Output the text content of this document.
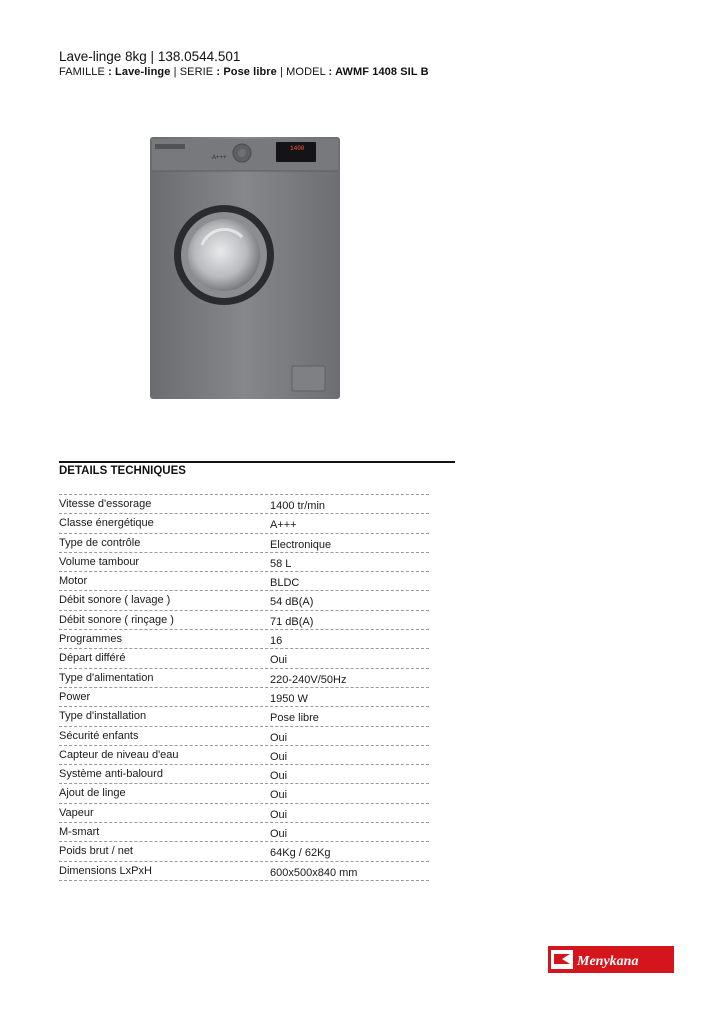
Lave-linge 8kg | 138.0544.501
FAMILLE : Lave-linge | SERIE : Pose libre | MODEL : AWMF 1408 SIL B
A+++
1400
DETAILS TECHNIQUES
Vitesse d'essorage	1400 tr/min
Classe énergétique	A+++
Type de contrôle	Electronique
Volume tambour	58 L
Motor	BLDC
Débit sonore ( lavage )	54 dB(A)
Débit sonore ( rinçage )	71 dB(A)
Programmes	16
Départ différé	Oui
Type d'alimentation	220-240V/50Hz
Power	1950 W
Type d'installation	Pose libre
Sécurité enfants	Oui
Capteur de niveau d'eau	Oui
Système anti-balourd	Oui
Ajout de linge	Oui
Vapeur	Oui
M-smart	Oui
Poids brut / net	64Kg / 62Kg
Dimensions LxPxH	600x500x840 mm
Menykana
